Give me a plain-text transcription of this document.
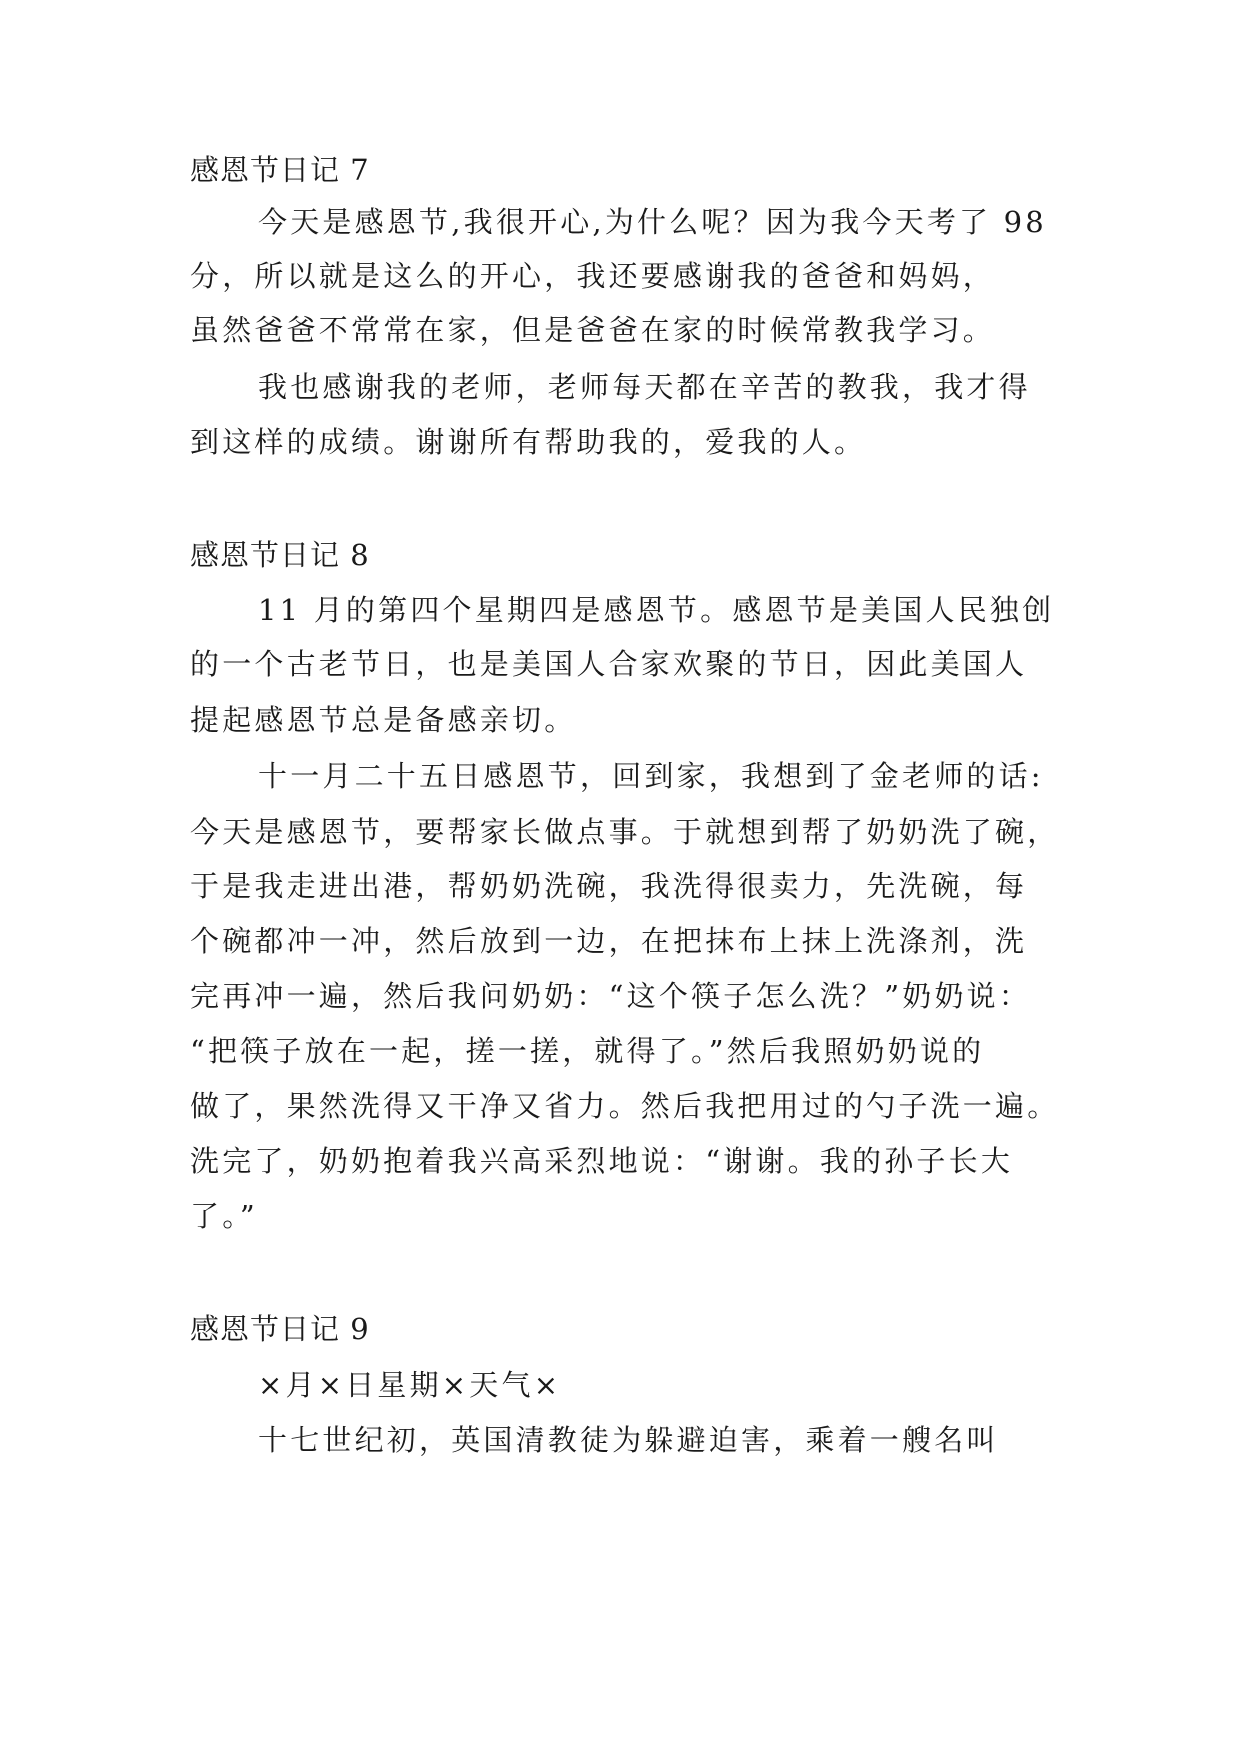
感恩节日记 7
今天是感恩节,我很开心,为什么呢？因为我今天考了 98
分，所以就是这么的开心，我还要感谢我的爸爸和妈妈，
虽然爸爸不常常在家，但是爸爸在家的时候常教我学习。
我也感谢我的老师，老师每天都在辛苦的教我，我才得
到这样的成绩。谢谢所有帮助我的，爱我的人。
感恩节日记 8
11 月的第四个星期四是感恩节。感恩节是美国人民独创
的一个古老节日，也是美国人合家欢聚的节日，因此美国人
提起感恩节总是备感亲切。
十一月二十五日感恩节，回到家，我想到了金老师的话:
今天是感恩节，要帮家长做点事。于就想到帮了奶奶洗了碗，
于是我走进出港，帮奶奶洗碗，我洗得很卖力，先洗碗，每
个碗都冲一冲，然后放到一边，在把抹布上抹上洗涤剂，洗
完再冲一遍，然后我问奶奶：“这个筷子怎么洗？”奶奶说：
“把筷子放在一起，搓一搓，就得了。”然后我照奶奶说的
做了，果然洗得又干净又省力。然后我把用过的勺子洗一遍。
洗完了，奶奶抱着我兴高采烈地说：“谢谢。我的孙子长大
了。”
感恩节日记 9
×月×日星期×天气×
十七世纪初，英国清教徒为躲避迫害，乘着一艘名叫
